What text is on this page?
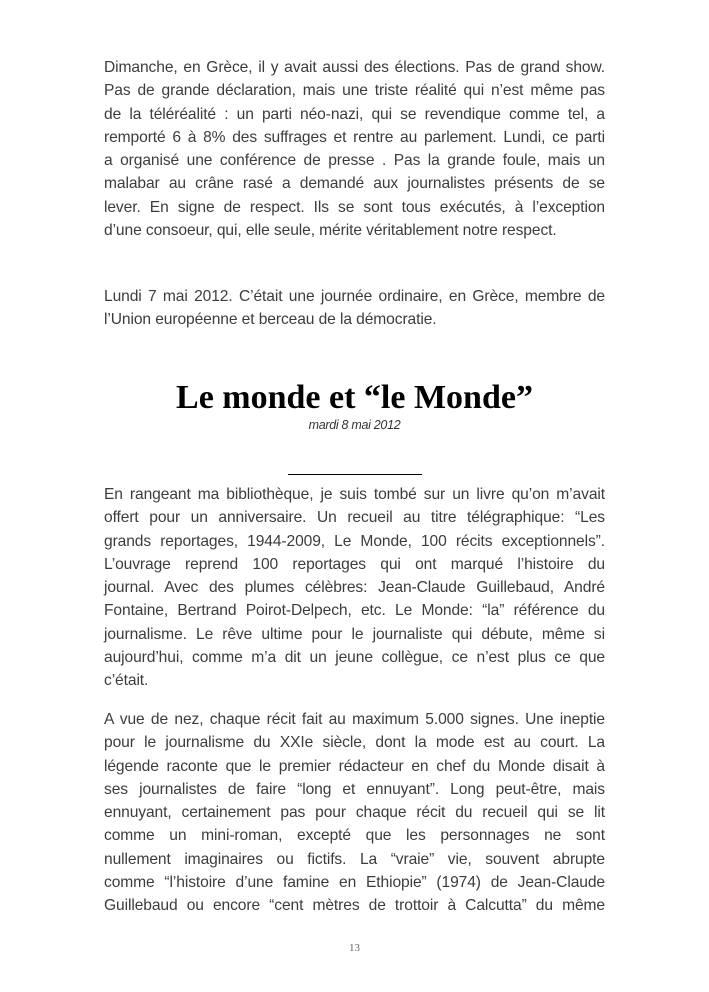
Dimanche, en Grèce, il y avait aussi des élections. Pas de grand show.
Pas de grande déclaration, mais une triste réalité qui n’est même pas
de la téléréalité : un parti néo-nazi, qui se revendique comme tel, a
remporté 6 à 8% des suffrages et rentre au parlement. Lundi, ce parti
a organisé une conférence de presse . Pas la grande foule, mais un
malabar au crâne rasé a demandé aux journalistes présents de se
lever. En signe de respect. Ils se sont tous exécutés, à l’exception
d’une consoeur, qui, elle seule, mérite véritablement notre respect.
Lundi 7 mai 2012. C’était une journée ordinaire, en Grèce, membre de
l’Union européenne et berceau de la démocratie.
Le monde et “le Monde”
mardi 8 mai 2012
En rangeant ma bibliothèque, je suis tombé sur un livre qu’on m’avait
offert pour un anniversaire. Un recueil au titre télégraphique: “Les
grands reportages, 1944-2009, Le Monde, 100 récits exceptionnels”.
L’ouvrage reprend 100 reportages qui ont marqué l’histoire du
journal. Avec des plumes célèbres: Jean-Claude Guillebaud, André
Fontaine, Bertrand Poirot-Delpech, etc. Le Monde: “la” référence du
journalisme. Le rêve ultime pour le journaliste qui débute, même si
aujourd’hui, comme m’a dit un jeune collègue, ce n’est plus ce que
c’était.
A vue de nez, chaque récit fait au maximum 5.000 signes. Une ineptie
pour le journalisme du XXIe siècle, dont la mode est au court. La
légende raconte que le premier rédacteur en chef du Monde disait à
ses journalistes de faire “long et ennuyant”. Long peut-être, mais
ennuyant, certainement pas pour chaque récit du recueil qui se lit
comme un mini-roman, excepté que les personnages ne sont
nullement imaginaires ou fictifs. La “vraie” vie, souvent abrupte
comme “l’histoire d’une famine en Ethiopie” (1974) de Jean-Claude
Guillebaud ou encore “cent mètres de trottoir à Calcutta” du même
13
